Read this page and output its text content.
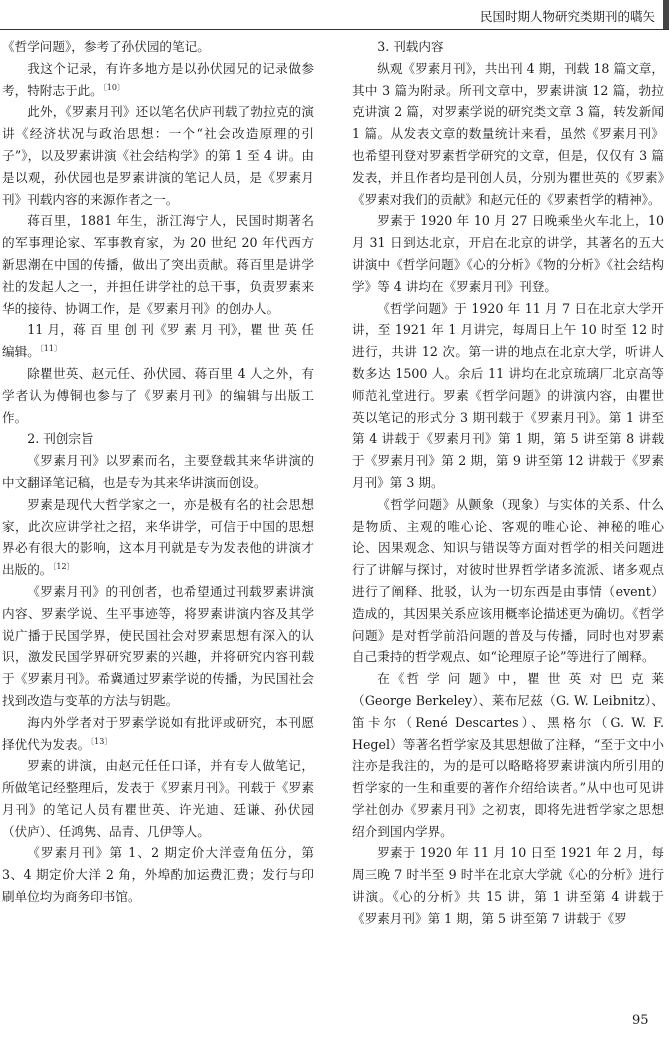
民国时期人物研究类期刊的嚆矢

《哲学问题》，参考了孙伏园的笔记。

我这个记录，有许多地方是以孙伏园兄的记录做参考，特附志于此。$^{〔10〕}$

此外，《罗素月刊》还以笔名伏庐刊载了勃拉克的演讲《经济状况与政治思想：一个“社会改造原理的引子”》，以及罗素讲演《社会结构学》的第 1 至 4 讲。由是以观，孙伏园也是罗素讲演的笔记人员，是《罗素月刊》刊载内容的来源作者之一。

蒋百里，1881 年生，浙江海宁人，民国时期著名的军事理论家、军事教育家，为 20 世纪 20 年代西方新思潮在中国的传播，做出了突出贡献。蒋百里是讲学社的发起人之一，并担任讲学社的总干事，负责罗素来华的接待、协调工作，是《罗素月刊》的创办人。

11 月，蒋 百 里 创 刊《罗 素 月 刊》，瞿 世 英 任 编辑。$^{〔11〕}$

除瞿世英、赵元任、孙伏园、蒋百里 4 人之外，有学者认为傅铜也参与了《罗素月刊》的编辑与出版工作。

2. 刊创宗旨

《罗素月刊》以罗素而名，主要登载其来华讲演的中文翻译笔记稿，也是专为其来华讲演而创设。

罗素是现代大哲学家之一，亦是极有名的社会思想家，此次应讲学社之招，来华讲学，可信于中国的思想界必有很大的影响，这本月刊就是专为发表他的讲演才出版的。$^{〔12〕}$

《罗素月刊》的刊创者，也希望通过刊载罗素讲演内容、罗素学说、生平事迹等，将罗素讲演内容及其学说广播于民国学界，使民国社会对罗素思想有深入的认识，激发民国学界研究罗素的兴趣，并将研究内容刊载于《罗素月刊》。希冀通过罗素学说的传播，为民国社会找到改造与变革的方法与钥匙。

海内外学者对于罗素学说如有批评或研究，本刊愿择优代为发表。$^{〔13〕}$

罗素的讲演，由赵元任任口译，并有专人做笔记，所做笔记经整理后，发表于《罗素月刊》。刊载于《罗素月刊》的笔记人员有瞿世英、许光迪、廷谦、孙伏园（伏庐）、任鸿隽、品青、几伊等人。

《罗素月刊》第 1、2 期定价大洋壹角伍分，第 3、4 期定价大洋 2 角，外埠酌加运费汇费；发行与印刷单位均为商务印书馆。

3. 刊载内容

纵观《罗素月刊》，共出刊 4 期，刊载 18 篇文章，其中 3 篇为附录。所刊文章中，罗素讲演 12 篇，勃拉克讲演 2 篇，对罗素学说的研究类文章 3 篇，转发新闻 1 篇。从发表文章的数量统计来看，虽然《罗素月刊》也希望刊登对罗素哲学研究的文章，但是，仅仅有 3 篇发表，并且作者均是刊创人员，分别为瞿世英的《罗素》《罗素对我们的贡献》和赵元任的《罗素哲学的精神》。

罗素于 1920 年 10 月 27 日晚乘坐火车北上，10 月 31 日到达北京，开启在北京的讲学，其著名的五大讲演中《哲学问题》《心的分析》《物的分析》《社会结构学》等 4 讲均在《罗素月刊》刊登。

《哲学问题》于 1920 年 11 月 7 日在北京大学开讲，至 1921 年 1 月讲完，每周日上午 10 时至 12 时进行，共讲 12 次。第一讲的地点在北京大学，听讲人数多达 1500 人。余后 11 讲均在北京琉璃厂北京高等师范礼堂进行。罗素《哲学问题》的讲演内容，由瞿世英以笔记的形式分 3 期刊载于《罗素月刊》。第 1 讲至第 4 讲载于《罗素月刊》第 1 期，第 5 讲至第 8 讲载于《罗素月刊》第 2 期，第 9 讲至第 12 讲载于《罗素月刊》第 3 期。

《哲学问题》从颤象（现象）与实体的关系、什么是物质、主观的唯心论、客观的唯心论、神秘的唯心论、因果观念、知识与错误等方面对哲学的相关问题进行了讲解与探讨，对彼时世界哲学诸多流派、诸多观点进行了阐释、批驳，认为一切东西是由事情（event）造成的，其因果关系应该用概率论描述更为确切。《哲学问题》是对哲学前沿问题的普及与传播，同时也对罗素自己秉持的哲学观点、如“论理原子论”等进行了阐释。

在《哲 学 问 题》中，瞿 世 英 对 巴 克 莱（George Berkeley）、莱布尼兹（G. W. Leibnitz）、笛卡尔（René Descartes）、黑格尔（G. W. F. Hegel）等著名哲学家及其思想做了注释，“至于文中小注亦是我注的，为的是可以略略将罗素讲演内所引用的哲学家的一生和重要的著作介绍给读者。”从中也可见讲学社创办《罗素月刊》之初衷，即将先进哲学家之思想绍介到国内学界。

罗素于 1920 年 11 月 10 日至 1921 年 2 月，每周三晚 7 时半至 9 时半在北京大学就《心的分析》进行讲演。《心的分析》共 15 讲，第 1 讲至第 4 讲载于《罗素月刊》第 1 期，第 5 讲至第 7 讲载于《罗

95
